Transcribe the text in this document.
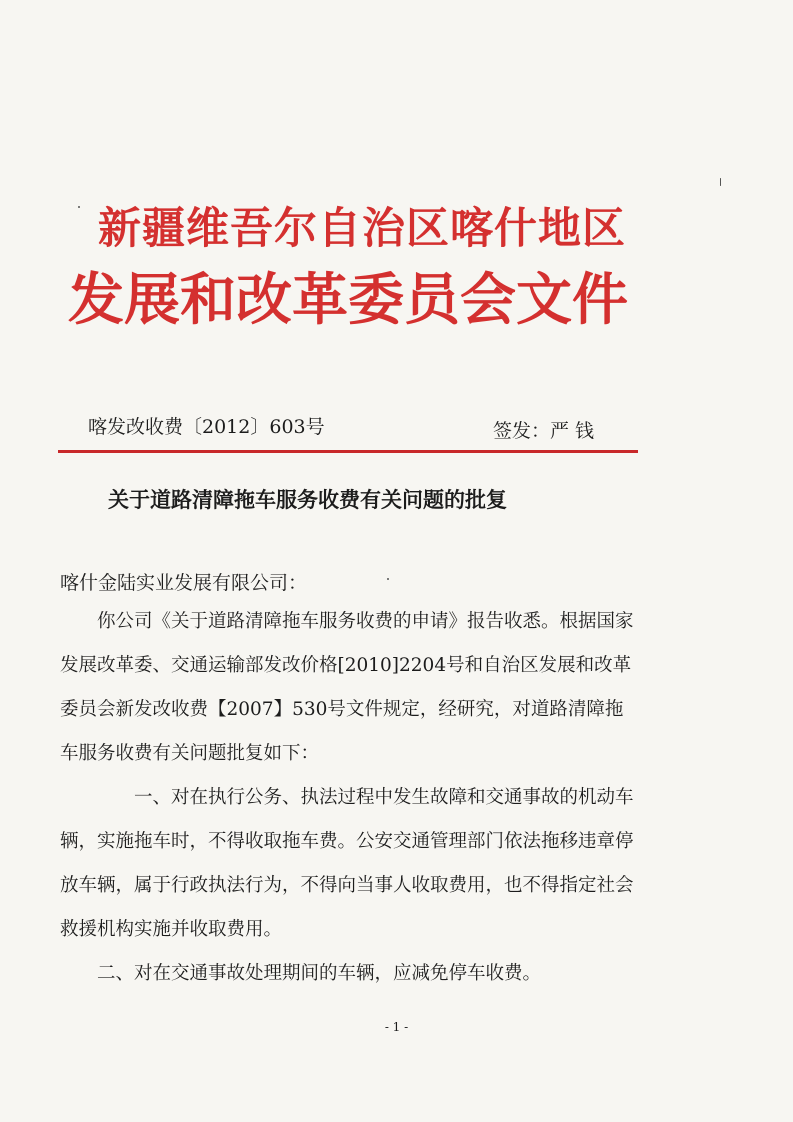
新疆维吾尔自治区喀什地区
发展和改革委员会文件
喀发改收费〔2012〕603号	签发：严 钱
关于道路清障拖车服务收费有关问题的批复
喀什金陆实业发展有限公司：

你公司《关于道路清障拖车服务收费的申请》报告收悉。根据国家发展改革委、交通运输部发改价格[2010]2204号和自治区发展和改革委员会新发改收费【2007】530号文件规定，经研究，对道路清障拖车服务收费有关问题批复如下：

一、对在执行公务、执法过程中发生故障和交通事故的机动车辆，实施拖车时，不得收取拖车费。公安交通管理部门依法拖移违章停放车辆，属于行政执法行为，不得向当事人收取费用，也不得指定社会救援机构实施并收取费用。

二、对在交通事故处理期间的车辆，应减免停车收费。

- 1 -
